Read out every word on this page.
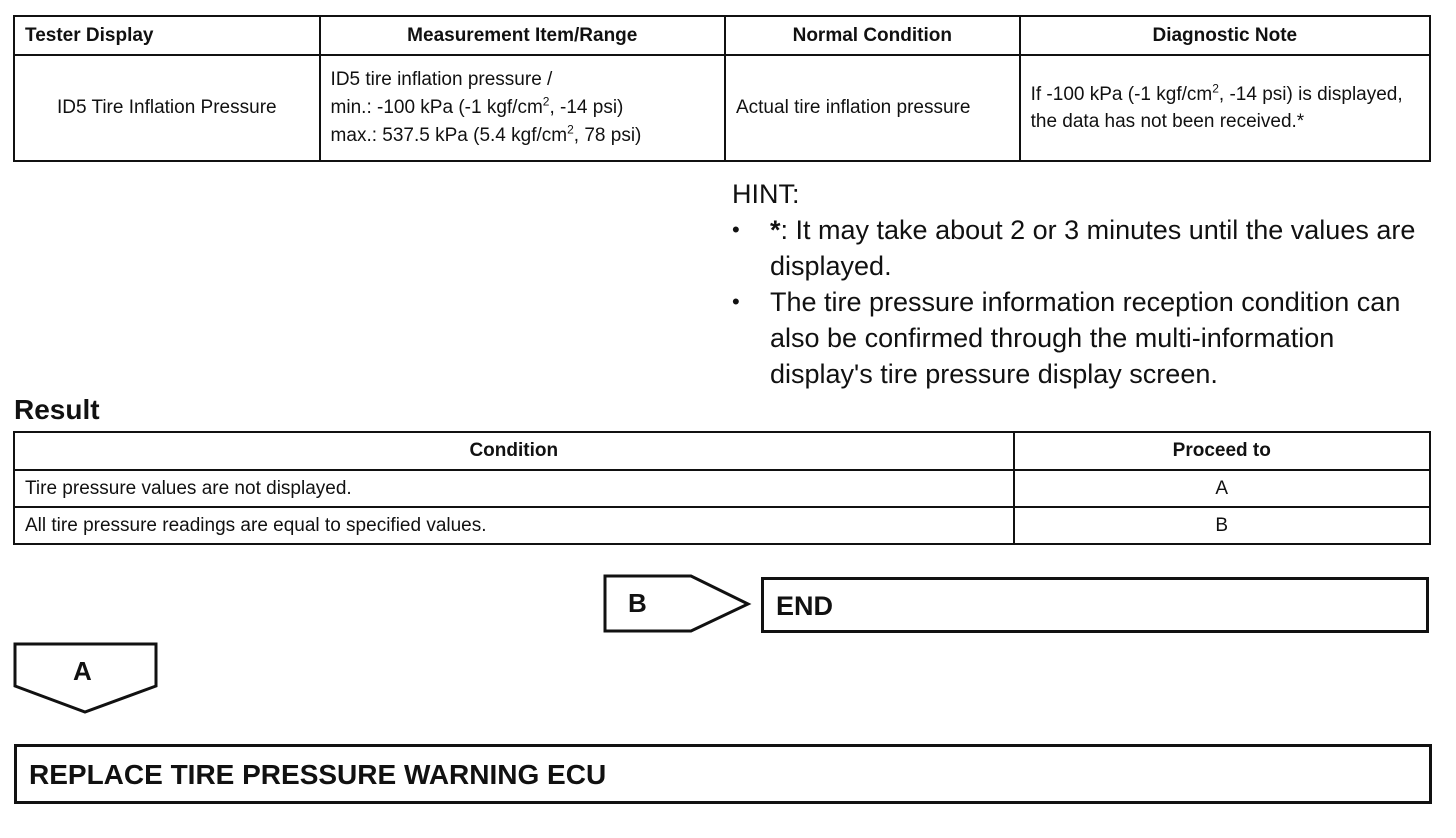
Tester Display	Measurement Item/Range	Normal Condition	Diagnostic Note
ID5 Tire Inflation Pressure	ID5 tire inflation pressure /
min.: -100 kPa (-1 kgf/$cm^2$, -14 psi)
max.: 537.5 kPa (5.4 kgf/$cm^2$, 78 psi)	Actual tire inflation pressure	If -100 kPa (-1 kgf/$cm^2$, -14 psi) is displayed, the data has not been received.*
HINT:
• *: It may take about 2 or 3 minutes until the values are displayed.
• The tire pressure information reception condition can also be confirmed through the multi-information display's tire pressure display screen.
Result
Condition	Proceed to
Tire pressure values are not displayed.	A
All tire pressure readings are equal to specified values.	B
B	END
A
REPLACE TIRE PRESSURE WARNING ECU
